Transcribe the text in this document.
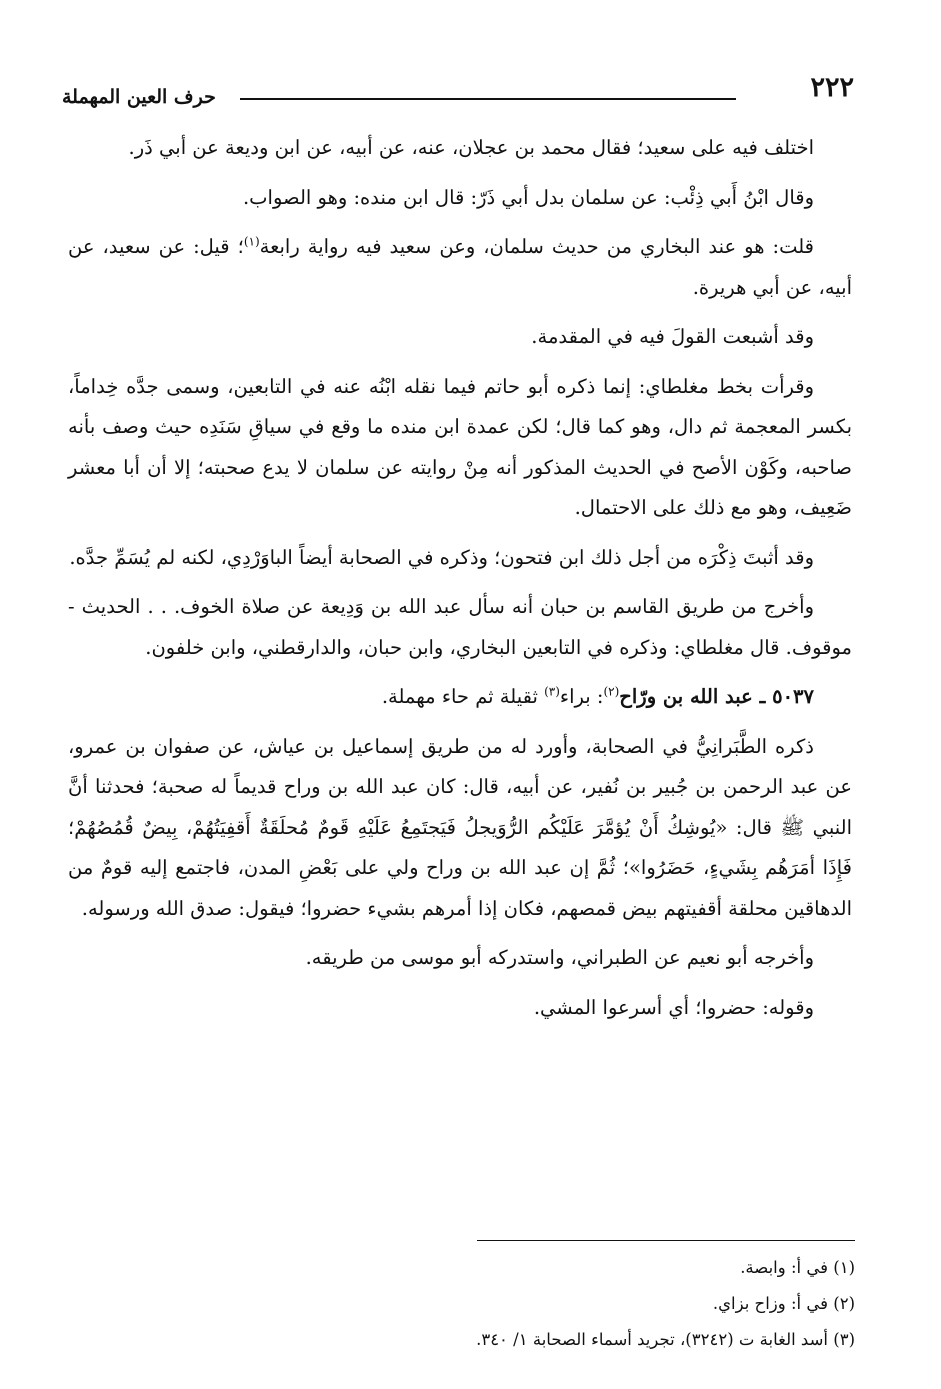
٢٢٢
حرف العين المهملة

اختلف فيه على سعيد؛ فقال محمد بن عجلان، عنه، عن أبيه، عن ابن وديعة عن أبي ذَر.

وقال ابْنُ أَبي ذِئْب: عن سلمان بدل أبي ذَرّ: قال ابن منده: وهو الصواب.

قلت: هو عند البخاري من حديث سلمان، وعن سعيد فيه رواية رابعة$^{(١)}$؛ قيل: عن سعيد، عن أبيه، عن أبي هريرة.

وقد أشبعت القولَ فيه في المقدمة.

وقرأت بخط مغلطاي: إنما ذكره أبو حاتم فيما نقله ابْنُه عنه في التابعين، وسمى جدَّه خِداماً، بكسر المعجمة ثم دال، وهو كما قال؛ لكن عمدة ابن منده ما وقع في سياقِ سَنَدِه حيث وصف بأنه صاحبه، وكَوْن الأصح في الحديث المذكور أنه مِنْ روايته عن سلمان لا يدع صحبته؛ إلا أن أبا معشر ضَعِيف، وهو مع ذلك على الاحتمال.

وقد أثبتَ ذِكْرَه من أجل ذلك ابن فتحون؛ وذكره في الصحابة أيضاً الباوَرْدِي، لكنه لم يُسَمِّ جدَّه.

وأخرج من طريق القاسم بن حبان أنه سأل عبد الله بن وَدِيعة عن صلاة الخوف. . . الحديث - موقوف. قال مغلطاي: وذكره في التابعين البخاري، وابن حبان، والدارقطني، وابن خلفون.

٥٠٣٧ ـ عبد الله بن ورّاح$^{(٢)}$: براء$^{(٣)}$ ثقيلة ثم حاء مهملة.

ذكره الطَّبَرانِيُّ في الصحابة، وأورد له من طريق إسماعيل بن عياش، عن صفوان بن عمرو، عن عبد الرحمن بن جُبير بن نُفير، عن أبيه، قال: كان عبد الله بن وراح قديماً له صحبة؛ فحدثنا أنَّ النبي ﷺ قال: «يُوشِكُ أَنْ يُؤمَّرَ عَلَيْكُم الرُّوَيجلُ فَيَجتَمِعُ عَلَيْهِ قَومٌ مُحلَقَةٌ أَقفِيَتُهُمْ، بِيضٌ قُمُصُهُمْ؛ فَإِذَا أمَرَهُم بِشَيءٍ، حَضَرُوا»؛ ثُمَّ إن عبد الله بن وراح ولي على بَعْضِ المدن، فاجتمع إليه قومٌ من الدهاقين محلقة أقفيتهم بيض قمصهم، فكان إذا أمرهم بشيء حضروا؛ فيقول: صدق الله ورسوله.

وأخرجه أبو نعيم عن الطبراني، واستدركه أبو موسى من طريقه.

وقوله: حضروا؛ أي أسرعوا المشي.

(١) في أ: وابصة.

(٢) في أ: وزاح بزاي.

(٣) أسد الغابة ت (٣٢٤٢)، تجريد أسماء الصحابة ١/ ٣٤٠.
